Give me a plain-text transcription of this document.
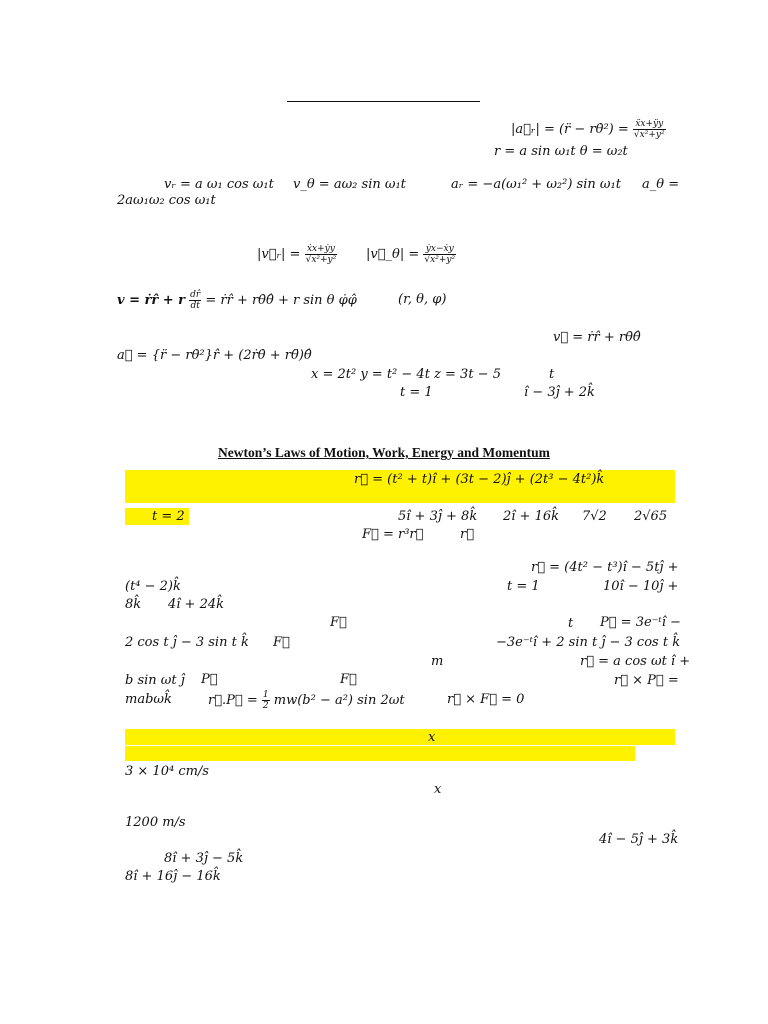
|a⃗ᵣ| = (r̈ − rθ̇²) = $\frac{\text{ẍx+ÿy}}{\text{√x²+y²}}$
r = a sin ω₁t θ = ω₂t
vᵣ = a ω₁ cos ω₁t v_θ = aω₂ sin ω₁t	aᵣ = −a(ω₁² + ω₂²) sin ω₁t a_θ =
2aω₁ω₂ cos ω₁t
|v⃗ᵣ| = $\frac{\text{ẋx+ẏy}}{\text{√x²+y²}}$ |v⃗_θ| = $\frac{\text{ẏx−ẋy}}{\text{√x²+y²}}$
v = ṙr̂ + r $\frac{dr̂}{dt}$ = ṙr̂ + rθ̇θ̂ + r sin θ φ̇φ̂	(r, θ, φ)
v⃗ = ṙr̂ + rθ̇θ̂
a⃗ = {r̈ − rθ̇²}r̂ + (2ṙθ̇ + rθ̈)θ̂
x = 2t² y = t² − 4t z = 3t − 5	t
t = 1	î − 3ĵ + 2k̂
Newton’s Laws of Motion, Work, Energy and Momentum
r⃗ = (t² + t)î + (3t − 2)ĵ + (2t³ − 4t²)k̂
t = 2	5î + 3ĵ + 8k̂ 2î + 16k̂ 7√2 2√65
F⃗ = r³r⃗	r⃗
r⃗ = (4t² − t³)î − 5tĵ +
(t⁴ − 2)k̂	t = 1	10î − 10ĵ +
8k̂ 4î + 24k̂
F⃗	t P⃗ = 3e⁻ᵗî −
2 cos t ĵ − 3 sin t k̂ F⃗	−3e⁻ᵗî + 2 sin t ĵ − 3 cos t k̂
m	r⃗ = a cos ωt î +
b sin ωt ĵ P⃗	F⃗	r⃗ × P⃗ =
mabωk̂	r⃗.P⃗ = $\frac{1}{2} mw(b^2 - a^2)$ sin 2ωt	r⃗ × F⃗ = 0
x
3 × 10⁴ cm/s
x
1200 m/s
4î − 5ĵ + 3k̂
8î + 3ĵ − 5k̂
8î + 16ĵ − 16k̂
